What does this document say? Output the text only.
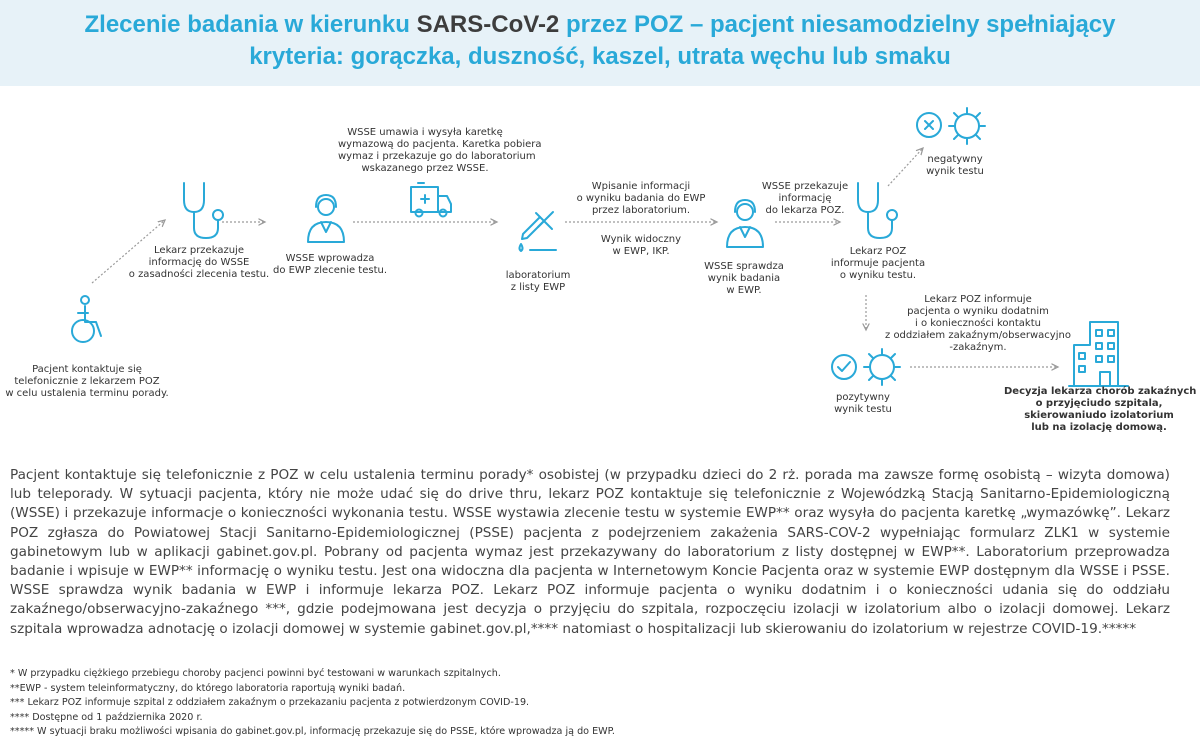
Zlecenie badania w kierunku SARS-CoV-2 przez POZ – pacjent niesamodzielny spełniający
kryteria: gorączka, duszność, kaszel, utrata węchu lub smaku
Pacjent kontaktuje się
telefonicznie z lekarzem POZ
w celu ustalenia terminu porady.
Lekarz przekazuje
informację do WSSE
o zasadności zlecenia testu.
WSSE wprowadza
do EWP zlecenie testu.
WSSE umawia i wysyła karetkę
wymazową do pacjenta. Karetka pobiera
wymaz i przekazuje go do laboratorium
wskazanego przez WSSE.
laboratorium
z listy EWP
Wpisanie informacji
o wyniku badania do EWP
przez laboratorium.
Wynik widoczny
w EWP, IKP.
WSSE sprawdza
wynik badania
w EWP.
WSSE przekazuje
informację
do lekarza POZ.
Lekarz POZ
informuje pacjenta
o wyniku testu.
negatywny
wynik testu
Lekarz POZ informuje
pacjenta o wyniku dodatnim
i o konieczności kontaktu
z oddziałem zakaźnym/obserwacyjno
-zakaźnym.
pozytywny
wynik testu
Decyzja lekarza chorób zakaźnych
o przyjęciudo szpitala,
skierowaniudo izolatorium
lub na izolację domową.

Pacjent kontaktuje się telefonicznie z POZ w celu ustalenia terminu porady* osobistej (w przypadku dzieci do 2 rż. porada ma zawsze formę osobistą – wizyta domowa) lub teleporady. W sytuacji pacjenta, który nie może udać się do drive thru, lekarz POZ kontaktuje się telefonicznie z Wojewódzką Stacją Sanitarno-Epidemiologiczną (WSSE) i przekazuje informacje o konieczności wykonania testu. WSSE wystawia zlecenie testu w systemie EWP** oraz wysyła do pacjenta karetkę „wymazówkę”. Lekarz POZ zgłasza do Powiatowej Stacji Sanitarno-Epidemiologicznej (PSSE) pacjenta z podejrzeniem zakażenia SARS-COV-2 wypełniając formularz ZLK1 w systemie gabinetowym lub w aplikacji gabinet.gov.pl. Pobrany od pacjenta wymaz jest przekazywany do laboratorium z listy dostępnej w EWP**. Laboratorium przeprowadza badanie i wpisuje w EWP** informację o wyniku testu. Jest ona widoczna dla pacjenta w Internetowym Koncie Pacjenta oraz w systemie EWP dostępnym dla WSSE i PSSE. WSSE sprawdza wynik badania w EWP i informuje lekarza POZ. Lekarz POZ informuje pacjenta o wyniku dodatnim i o konieczności udania się do oddziału zakaźnego/obserwacyjno-zakaźnego ***, gdzie podejmowana jest decyzja o przyjęciu do szpitala, rozpoczęciu izolacji w izolatorium albo o izolacji domowej. Lekarz szpitala wprowadza adnotację o izolacji domowej w systemie gabinet.gov.pl,**** natomiast o hospitalizacji lub skierowaniu do izolatorium w rejestrze COVID-19.*****

* W przypadku ciężkiego przebiegu choroby pacjenci powinni być testowani w warunkach szpitalnych.
**EWP - system teleinformatyczny, do którego laboratoria raportują wyniki badań.
*** Lekarz POZ informuje szpital z oddziałem zakaźnym o przekazaniu pacjenta z potwierdzonym COVID-19.
**** Dostępne od 1 października 2020 r.
***** W sytuacji braku możliwości wpisania do gabinet.gov.pl, informację przekazuje się do PSSE, które wprowadza ją do EWP.
